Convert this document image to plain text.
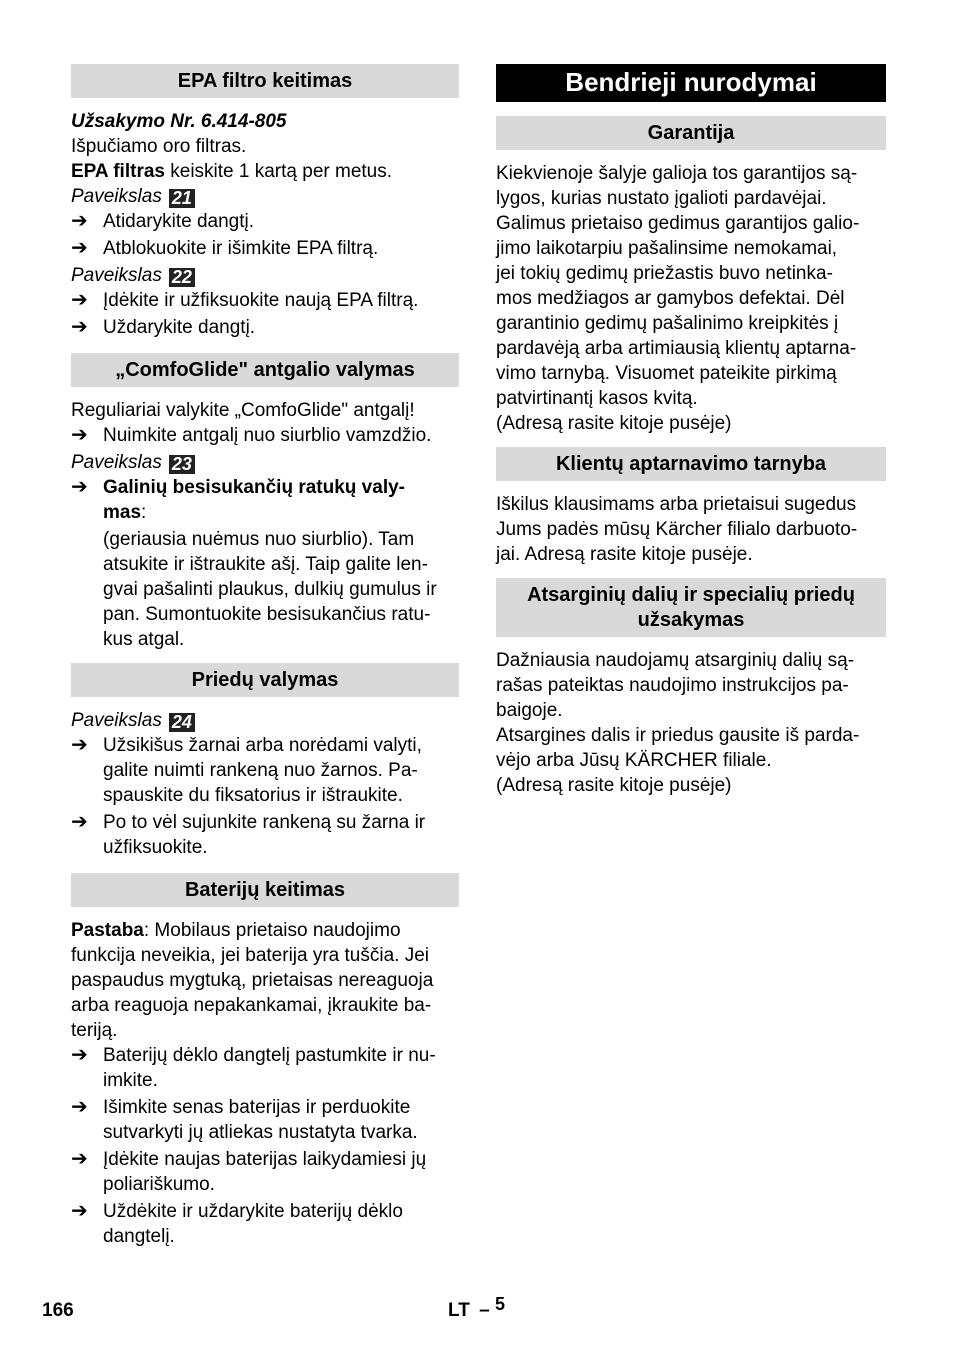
EPA filtro keitimas

Užsakymo Nr. 6.414-805

Išpučiamo oro filtras.

EPA filtras keiskite 1 kartą per metus.

Paveikslas 21

➔ Atidarykite dangtį.
➔ Atblokuokite ir išimkite EPA filtrą.

Paveikslas 22

➔ Įdėkite ir užfiksuokite naują EPA filtrą.
➔ Uždarykite dangtį.
„ComfoGlide" antgalio valymas

Reguliariai valykite „ComfoGlide" antgalį!

➔ Nuimkite antgalį nuo siurblio vamzdžio.

Paveikslas 23

➔ Galinių besisukančių ratukų valy-
mas:

(geriausia nuėmus nuo siurblio). Tam

atsukite ir ištraukite ašį. Taip galite len-

gvai pašalinti plaukus, dulkių gumulus ir

pan. Sumontuokite besisukančius ratu-

kus atgal.

Priedų valymas

Paveikslas 24

➔ Užsikišus žarnai arba norėdami valyti,
galite nuimti rankeną nuo žarnos. Pa-
spauskite du fiksatorius ir ištraukite.
➔ Po to vėl sujunkite rankeną su žarna ir
užfiksuokite.
Baterijų keitimas

Pastaba: Mobilaus prietaiso naudojimo

funkcija neveikia, jei baterija yra tuščia. Jei

paspaudus mygtuką, prietaisas nereaguoja

arba reaguoja nepakankamai, įkraukite ba-

teriją.

➔ Baterijų dėklo dangtelį pastumkite ir nu-
imkite.
➔ Išimkite senas baterijas ir perduokite
sutvarkyti jų atliekas nustatyta tvarka.
➔ Įdėkite naujas baterijas laikydamiesi jų
poliariškumo.
➔ Uždėkite ir uždarykite baterijų dėklo
dangtelį.
Bendrieji nurodymai
Garantija

Kiekvienoje šalyje galioja tos garantijos są-

lygos, kurias nustato įgalioti pardavėjai.

Galimus prietaiso gedimus garantijos galio-

jimo laikotarpiu pašalinsime nemokamai,

jei tokių gedimų priežastis buvo netinka-

mos medžiagos ar gamybos defektai. Dėl

garantinio gedimų pašalinimo kreipkitės į

pardavėją arba artimiausią klientų aptarna-

vimo tarnybą. Visuomet pateikite pirkimą

patvirtinantį kasos kvitą.

(Adresą rasite kitoje pusėje)

Klientų aptarnavimo tarnyba

Iškilus klausimams arba prietaisui sugedus

Jums padės mūsų Kärcher filialo darbuoto-

jai. Adresą rasite kitoje pusėje.

Atsarginių dalių ir specialių priedų
užsakymas

Dažniausia naudojamų atsarginių dalių są-

rašas pateiktas naudojimo instrukcijos pa-

baigoje.

Atsargines dalis ir priedus gausite iš parda-

vėjo arba Jūsų KÄRCHER filiale.

(Adresą rasite kitoje pusėje)

166	LT – 5
